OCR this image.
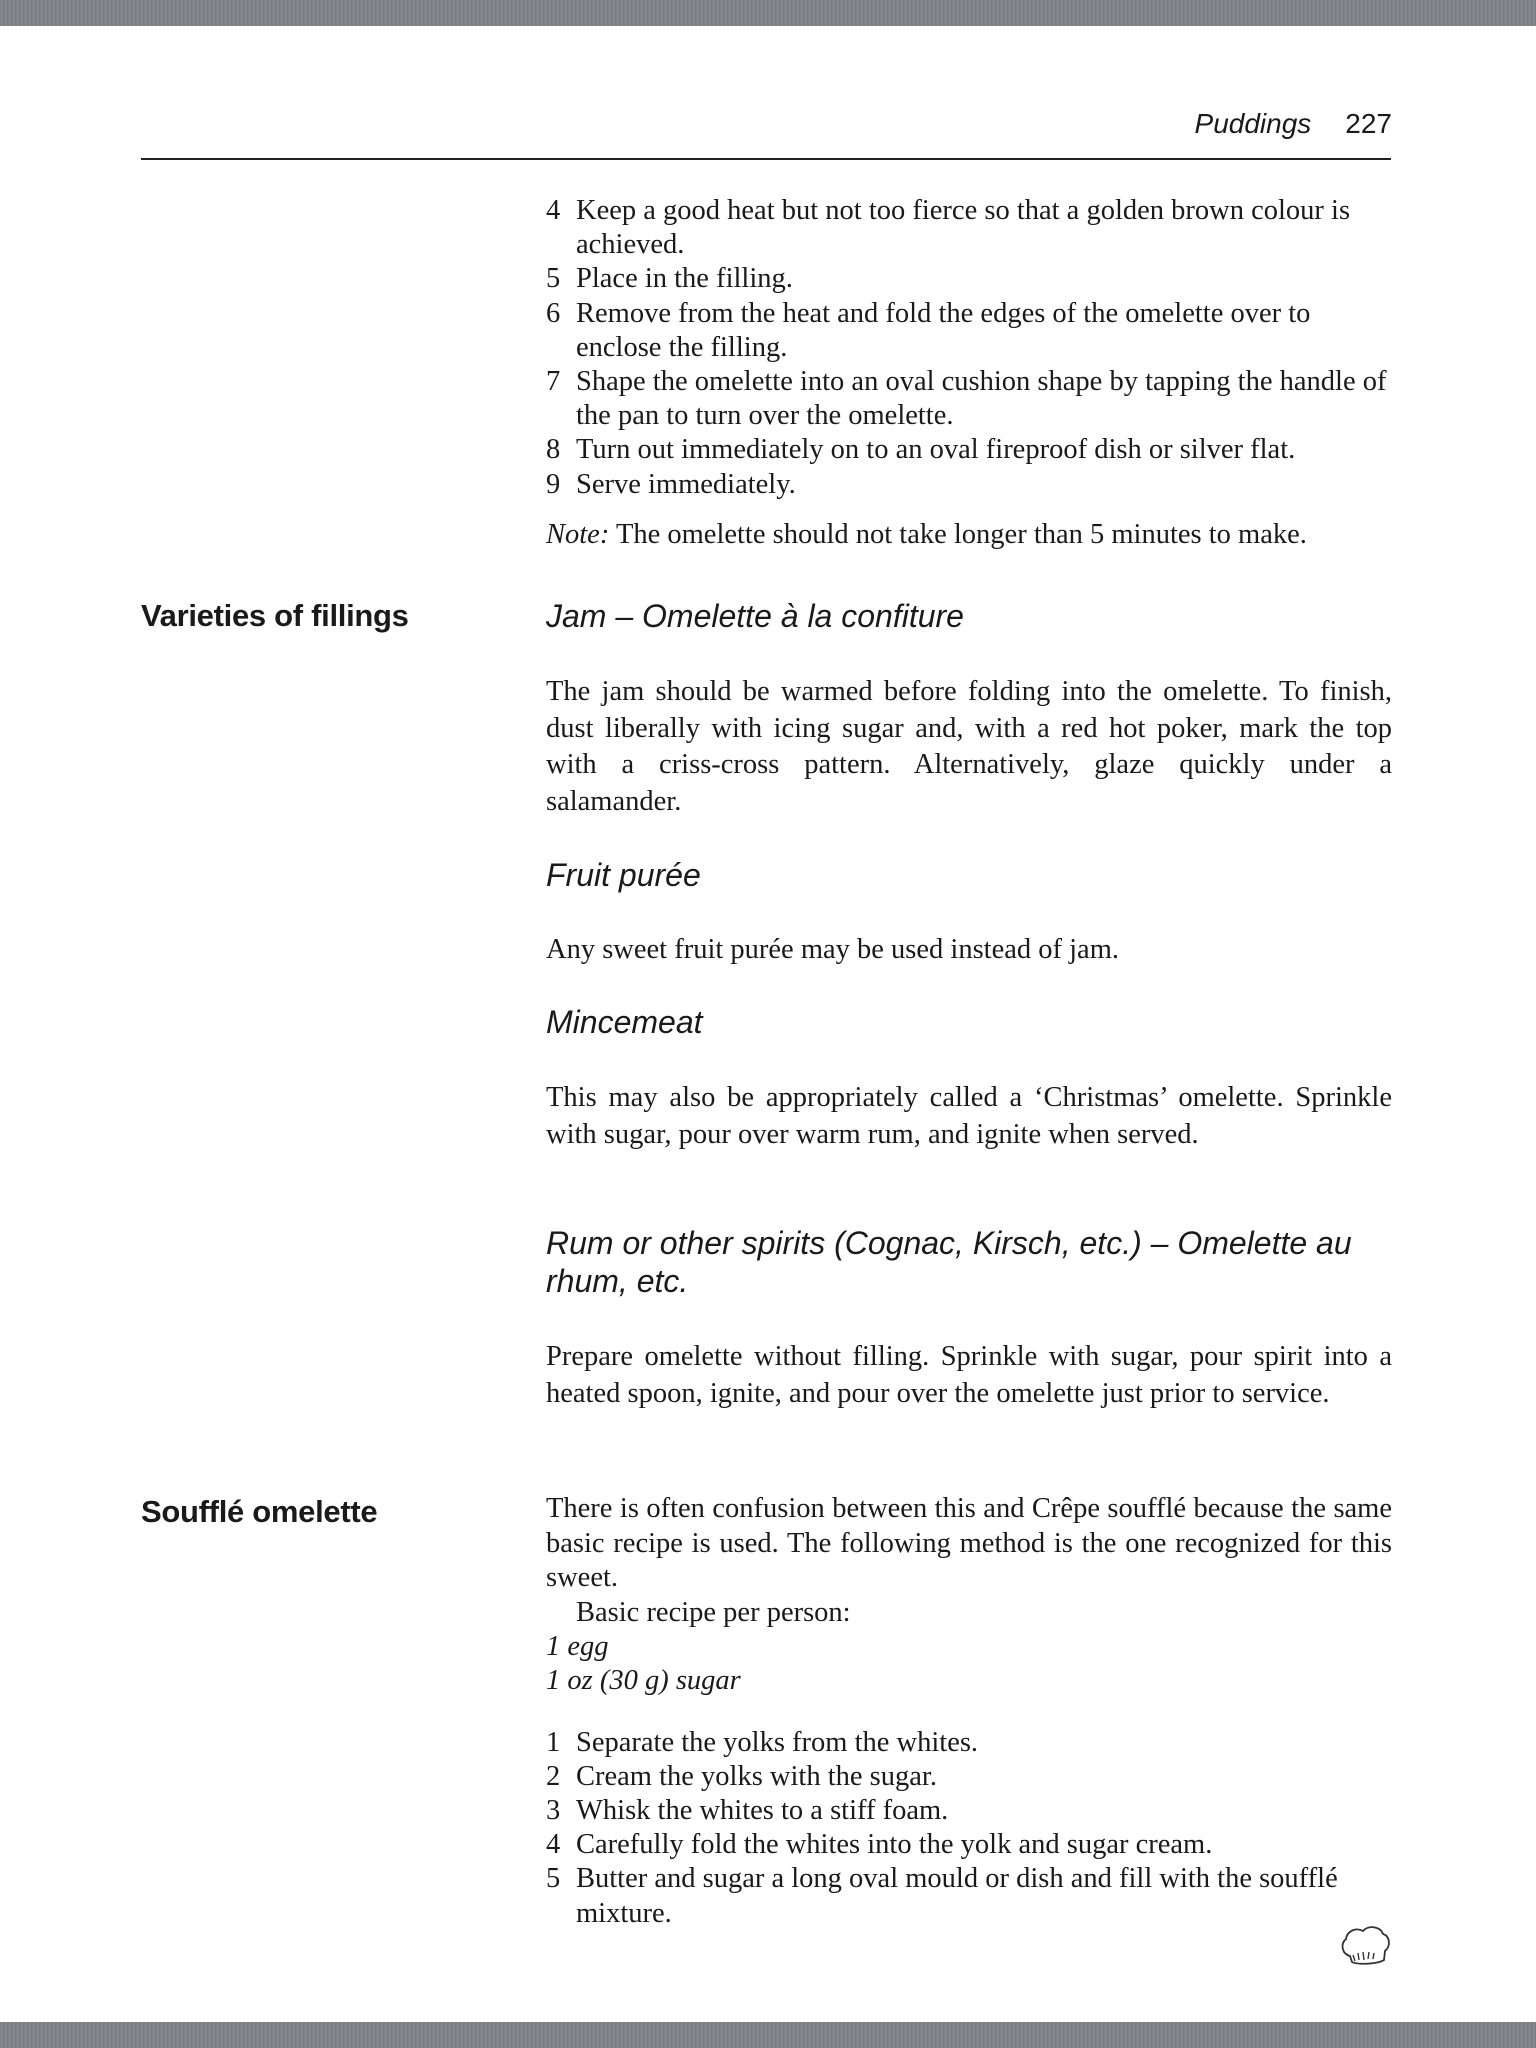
Puddings 227
4 Keep a good heat but not too fierce so that a golden brown colour is achieved.
5 Place in the filling.
6 Remove from the heat and fold the edges of the omelette over to enclose the filling.
7 Shape the omelette into an oval cushion shape by tapping the handle of the pan to turn over the omelette.
8 Turn out immediately on to an oval fireproof dish or silver flat.
9 Serve immediately.
Note: The omelette should not take longer than 5 minutes to make.
Varieties of fillings	Jam – Omelette à la confiture
The jam should be warmed before folding into the omelette. To finish, dust liberally with icing sugar and, with a red hot poker, mark the top with a criss-cross pattern. Alternatively, glaze quickly under a salamander.
Fruit purée
Any sweet fruit purée may be used instead of jam.
Mincemeat
This may also be appropriately called a ‘Christmas’ omelette. Sprinkle with sugar, pour over warm rum, and ignite when served.
Rum or other spirits (Cognac, Kirsch, etc.) – Omelette au rhum, etc.
Prepare omelette without filling. Sprinkle with sugar, pour spirit into a heated spoon, ignite, and pour over the omelette just prior to service.
Soufflé omelette	There is often confusion between this and Crêpe soufflé because the same basic recipe is used. The following method is the one recognized for this sweet.
Basic recipe per person:
1 egg
1 oz (30 g) sugar
1 Separate the yolks from the whites.
2 Cream the yolks with the sugar.
3 Whisk the whites to a stiff foam.
4 Carefully fold the whites into the yolk and sugar cream.
5 Butter and sugar a long oval mould or dish and fill with the soufflé mixture.
